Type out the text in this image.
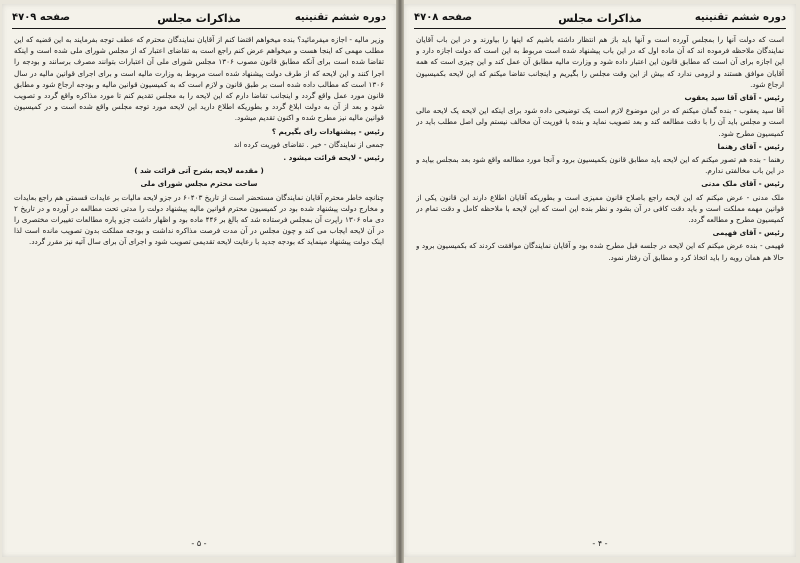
دوره ششم تقنینیه
مذاکرات مجلس
صفحه ۴۷۰۹

وزیر مالیه - اجازه میفرمائید؟ بنده میخواهم اقتضا کنم از آقایان نمایندگان محترم که عطف توجه بفرمایند به این قضیه که این مطلب مهمی که اینجا هست و میخواهم عرض کنم راجع است به تقاضای اعتبار که از مجلس شورای ملی شده است و اینکه تقاضا شده است برای آنکه مطابق قانون مصوب ۱۳۰۶ مجلس شورای ملی آن اعتبارات بتوانند مصرف برسانند و بودجه را اجرا کنند و این لایحه که از طرف دولت پیشنهاد شده است مربوط به وزارت مالیه است و برای اجرای قوانین مالیه در سال ۱۳۰۶ است که مطالب داده شده است بر طبق قانون و لازم است که به کمیسیون قوانین مالیه و بودجه ارجاع شود و مطابق قانون مورد عمل واقع گردد و اینجانب تقاضا دارم که این لایحه را به مجلس تقدیم کنم تا مورد مذاکره واقع گردد و تصویب شود و بعد از آن به دولت ابلاغ گردد و بطوریکه اطلاع دارید این لایحه مورد توجه مجلس واقع شده است و در کمیسیون قوانین مالیه نیز مطرح شده و اکنون تقدیم میشود.

رئیس - پیشنهادات رای بگیریم ؟

جمعی از نمایندگان - خیر . تقاضای فوریت کرده اند

رئیس - لایحه قرائت میشود .

( مقدمه لایحه بشرح آتی قرائت شد )

ساحت محترم مجلس شورای ملی

چنانچه خاطر محترم آقایان نمایندگان مستحضر است از تاریخ ۶۰۴۰۳ در جزو لایحه مالیات بر عایدات قسمتی هم راجع بعایدات و مخارج دولت پیشنهاد شده بود در کمیسیون محترم قوانین مالیه پیشنهاد دولت را مدتی تحت مطالعه در آورده و در تاریخ ۲ دی ماه ۱۳۰۶ راپرت آن بمجلس فرستاده شد که بالغ بر ۴۴۶ ماده بود و اظهار داشت جزو پاره مطالعات تغییرات مختصری را در آن لایحه ایجاب می کند و چون مجلس در آن مدت فرصت مذاکره نداشت و بودجه مملکت بدون تصویب مانده است لذا اینک دولت پیشنهاد مینماید که بودجه جدید با رعایت لایحه تقدیمی تصویب شود و اجرای آن برای سال آتیه نیز مقرر گردد.

- ۵ -
دوره ششم تقنینیه
مذاکرات مجلس
صفحه ۴۷۰۸

است که دولت آنها را بمجلس آورده است و آنها باید باز هم انتظار داشته باشیم که اینها را بیاورند و در این باب آقایان نمایندگان ملاحظه فرموده اند که آن ماده اول که در این باب پیشنهاد شده است مربوط به این است که دولت اجازه دارد و این اجازه برای آن است که مطابق قانون این اعتبار داده شود و وزارت مالیه مطابق آن عمل کند و این چیزی است که همه آقایان موافق هستند و لزومی ندارد که بیش از این وقت مجلس را بگیریم و اینجانب تقاضا میکنم که این لایحه بکمیسیون ارجاع شود.

رئیس - آقای آقا سید یعقوب

آقا سید یعقوب - بنده گمان میکنم که در این موضوع لازم است یک توضیحی داده شود برای اینکه این لایحه یک لایحه مالی است و مجلس باید آن را با دقت مطالعه کند و بعد تصویب نماید و بنده با فوریت آن مخالف نیستم ولی اصل مطلب باید در کمیسیون مطرح شود.

رئیس - آقای رهنما

رهنما - بنده هم تصور میکنم که این لایحه باید مطابق قانون بکمیسیون برود و آنجا مورد مطالعه واقع شود بعد بمجلس بیاید و در این باب مخالفتی ندارم.

رئیس - آقای ملک مدنی

ملک مدنی - عرض میکنم که این لایحه راجع باصلاح قانون ممیزی است و بطوریکه آقایان اطلاع دارند این قانون یکی از قوانین مهمه مملکت است و باید دقت کافی در آن بشود و نظر بنده این است که این لایحه با ملاحظه کامل و دقت تمام در کمیسیون مطرح و مطالعه گردد.

رئیس - آقای فهیمی

فهیمی - بنده عرض میکنم که این لایحه در جلسه قبل مطرح شده بود و آقایان نمایندگان موافقت کردند که بکمیسیون برود و حالا هم همان رویه را باید اتخاذ کرد و مطابق آن رفتار نمود.

- ۴ -
